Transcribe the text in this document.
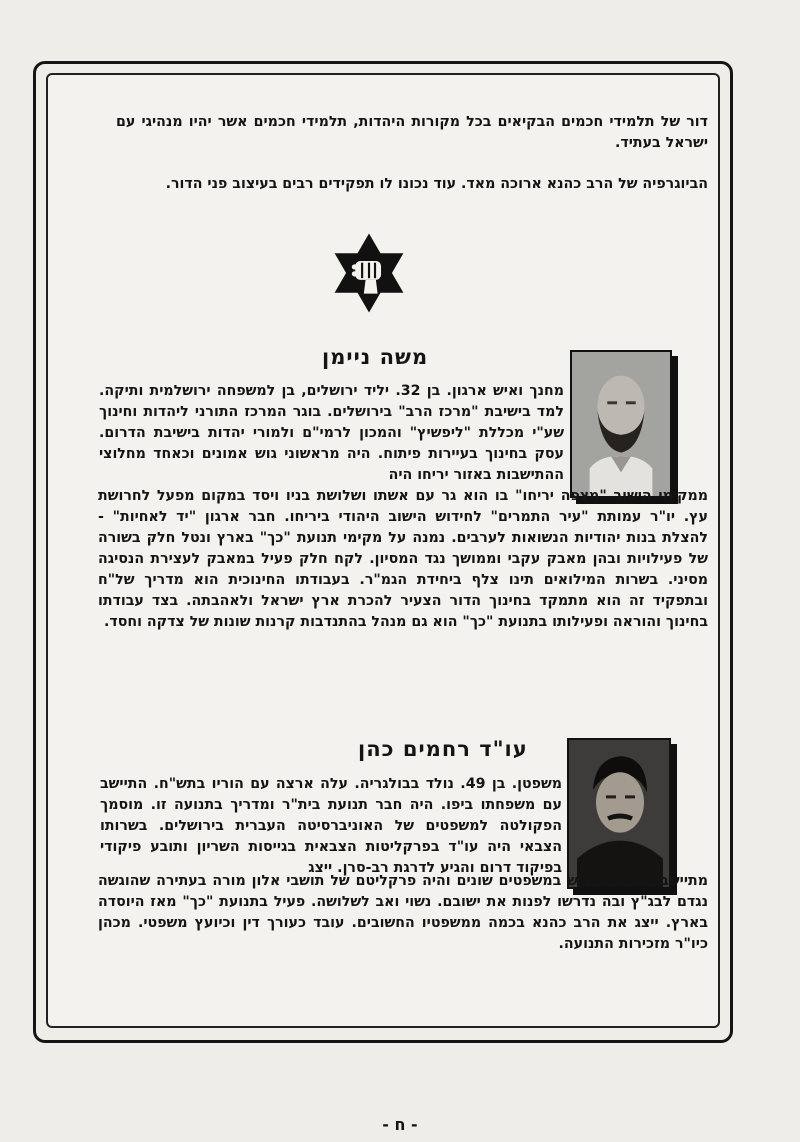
דור של תלמידי חכמים הבקיאים בכל מקורות היהדות, תלמידי חכמים אשר יהיו מנהיגי עם ישראל בעתיד.

הביוגרפיה של הרב כהנא ארוכה מאד. עוד נכונו לו תפקידים רבים בעיצוב פני הדור.

משה ניימן

מחנך ואיש ארגון. בן 32. יליד ירושלים, בן למשפחה ירושלמית ותיקה. למד בישיבת "מרכז הרב" בירושלים. בוגר המרכז התורני ליהדות וחינוך שע"י מכללת "ליפשיץ" והמכון לרמי"ם ולמורי יהדות בישיבת הדרום. עסק בחינוך בעיירות פיתוח. היה מראשוני גוש אמונים וכאחד מחלוצי ההתישבות באזור יריחו היה

ממקימי הישוב "מצפה יריחו" בו הוא גר עם אשתו ושלושת בניו ויסד במקום מפעל לחרושת עץ. יו"ר עמותת "עיר התמרים" לחידוש הישוב היהודי ביריחו. חבר ארגון "יד לאחיות" - להצלת בנות יהודיות הנשואות לערבים. נמנה על מקימי תנועת "כך" בארץ ונטל חלק בשורה של פעילויות ובהן מאבק עקבי וממושך נגד המסיון. לקח חלק פעיל במאבק לעצירת הנסיגה מסיני. בשרות המילואים תינו צלף ביחידת הגמ"ר. בעבודתו החינוכית הוא מדריך של"ח ובתפקיד זה הוא מתמקד בחינוך הדור הצעיר להכרת ארץ ישראל ולאהבתה. בצד עבודתו בחינוך והוראה ופעילותו בתנועת "כך" הוא גם מנהל בהתנדבות קרנות שונות של צדקה וחסד.

עו"ד רחמים כהן

משפטן. בן 49. נולד בבולגריה. עלה ארצה עם הוריו בתש"ח. התיישב עם משפחתו ביפו. היה חבר תנועת בית"ר ומדריך בתנועה זו. מוסמך הפקולטה למשפטים של האוניברסיטה העברית בירושלים. בשרותו הצבאי היה עו"ד בפרקליטות הצבאית בגייסות השריון ותובע פיקודי בפיקוד דרום והגיע לדרגת רב-סרן. ייצג

מתיישבים רבים ביו"ש במשפטים שונים והיה פרקליטם של תושבי אלון מורה בעתירה שהוגשה נגדם לבג"ץ ובה נדרשו לפנות את ישובם. נשוי ואב לשלושה. פעיל בתנועת "כך" מאז היוסדה בארץ. ייצג את הרב כהנא בכמה ממשפטיו החשובים. עובד כעורך דין וכיועץ משפטי. מכהן כיו"ר מזכירות התנועה.

- ח -
